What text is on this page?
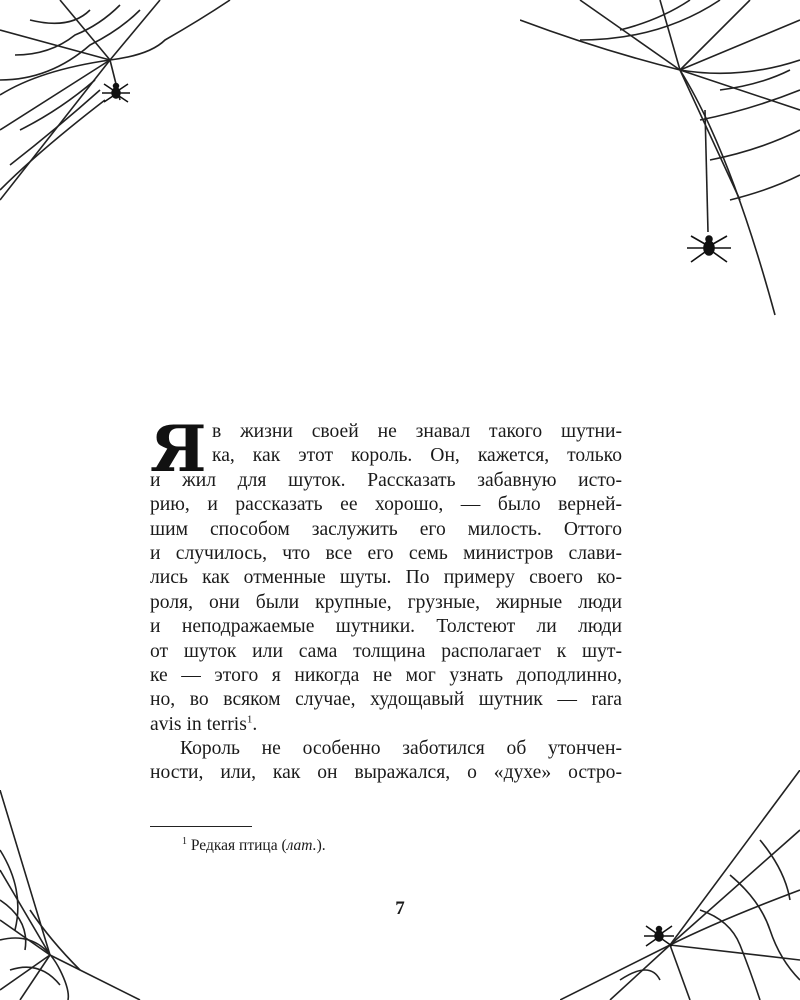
Я в жизни своей не знавал такого шутни-
ка, как этот король. Он, кажется, только
и жил для шуток. Рассказать забавную исто-
рию, и рассказать ее хорошо, — было верней-
шим способом заслужить его милость. Оттого
и случилось, что все его семь министров слави-
лись как отменные шуты. По примеру своего ко-
роля, они были крупные, грузные, жирные люди
и неподражаемые шутники. Толстеют ли люди
от шуток или сама толщина располагает к шут-
ке — этого я никогда не мог узнать доподлинно,
но, во всяком случае, худощавый шутник — rara
avis in terris$^1$.
Король не особенно заботился об утончен-
ности, или, как он выражался, о «духе» остро-
$^1$ Редкая птица (лат.).
7
